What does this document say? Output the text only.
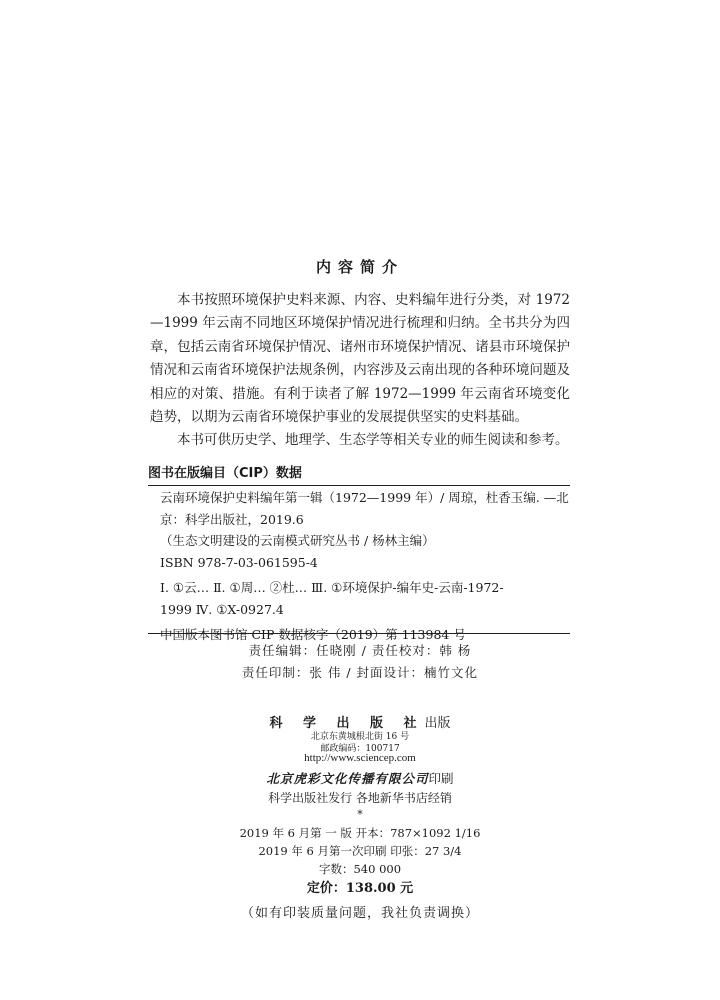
内容简介

本书按照环境保护史料来源、内容、史料编年进行分类，对 1972—1999 年云南不同地区环境保护情况进行梳理和归纳。全书共分为四章，包括云南省环境保护情况、诸州市环境保护情况、诸县市环境保护情况和云南省环境保护法规条例，内容涉及云南出现的各种环境问题及相应的对策、措施。有利于读者了解 1972—1999 年云南省环境变化趋势，以期为云南省环境保护事业的发展提供坚实的史料基础。

本书可供历史学、地理学、生态学等相关专业的师生阅读和参考。

图书在版编目（CIP）数据
云南环境保护史料编年第一辑（1972—1999 年）/ 周琼，杜香玉编. —北
京：科学出版社，2019.6
（生态文明建设的云南模式研究丛书 / 杨林主编）
ISBN 978-7-03-061595-4
Ⅰ. ①云… Ⅱ. ①周… ②杜… Ⅲ. ①环境保护-编年史-云南-1972-
1999 Ⅳ. ①X-0927.4
中国版本图书馆 CIP 数据核字（2019）第 113984 号
责任编辑：任晓刚 / 责任校对：韩 杨
责任印制：张 伟 / 封面设计：楠竹文化
科 学 出 版 社出版
北京东黄城根北街 16 号
邮政编码：100717
http://www.sciencep.com
北京虎彩文化传播有限公司印刷
科学出版社发行 各地新华书店经销
*
2019 年 6 月第 一 版 开本：787×1092 1/16
2019 年 6 月第一次印刷 印张：27 3/4
字数：540 000
定价：138.00 元
（如有印装质量问题，我社负责调换）
